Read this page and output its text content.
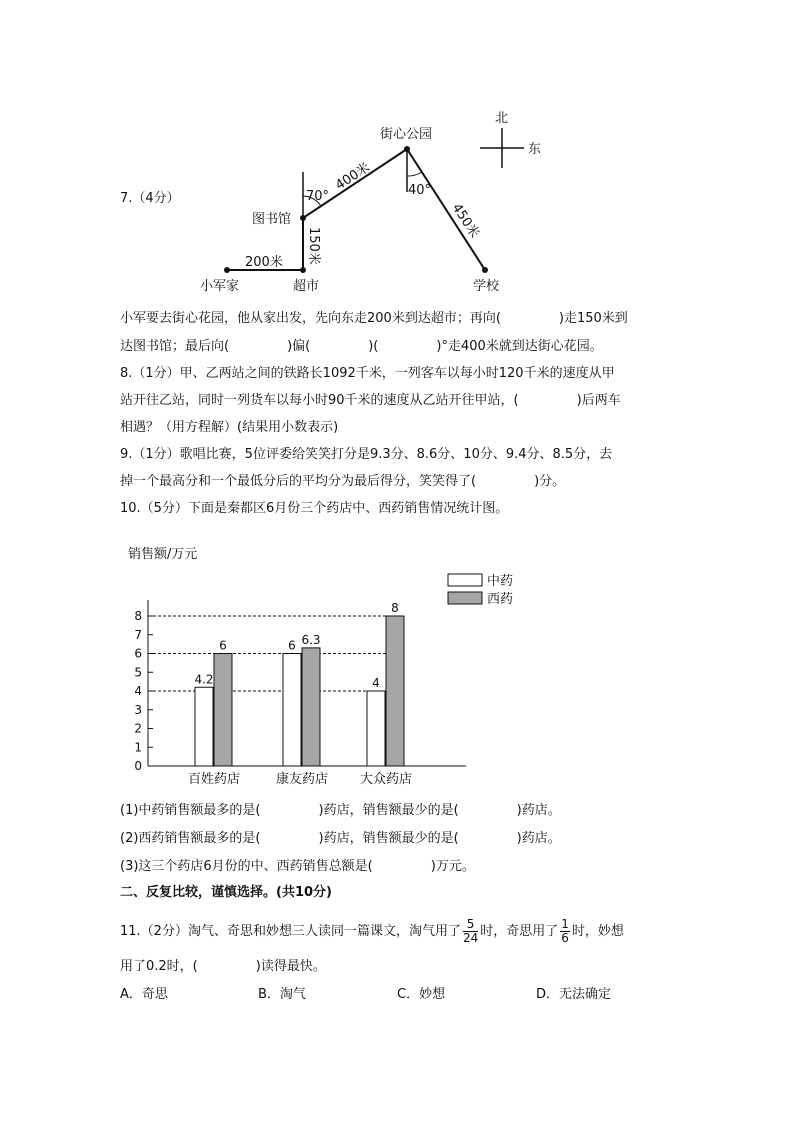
7.（4分）
小军家	超市
图书馆
街心公园
学校
北
东
200米
70°	40°
150米
400米
450米
小军要去街心花园，他从家出发，先向东走200米到达超市；再向(	)走150米到
达图书馆；最后向(	)偏(	)(	)°走400米就到达街心花园。
8.（1分）甲、乙两站之间的铁路长1092千米，一列客车以每小时120千米的速度从甲
站开往乙站，同时一列货车以每小时90千米的速度从乙站开往甲站，(	)后两车
相遇？（用方程解）(结果用小数表示)
9.（1分）歌唱比赛，5位评委给笑笑打分是9.3分、8.6分、10分、9.4分、8.5分，去
掉一个最高分和一个最低分后的平均分为最后得分，笑笑得了(	)分。
10.（5分）下面是秦都区6月份三个药店中、西药销售情况统计图。
销售额/万元
0
1
2
3
4
5
6
7
8
4.2
6	6 6.3
4
8
百姓药店	康友药店 大众药店
中药
西药
(1)中药销售额最多的是(	)药店，销售额最少的是(	)药店。
(2)西药销售额最多的是(	)药店，销售额最少的是(	)药店。
(3)这三个药店6月份的中、西药销售总额是(	)万元。
二、反复比较，谨慎选择。(共10分)
11.（2分）淘气、奇思和妙想三人读同一篇课文，淘气用了 $\frac{5}{24}$ 时，奇思用了 $\frac{1}{6}$ 时，妙想
用了0.2时，(	)读得最快。
A．奇思	B．淘气	C．妙想	D．无法确定
